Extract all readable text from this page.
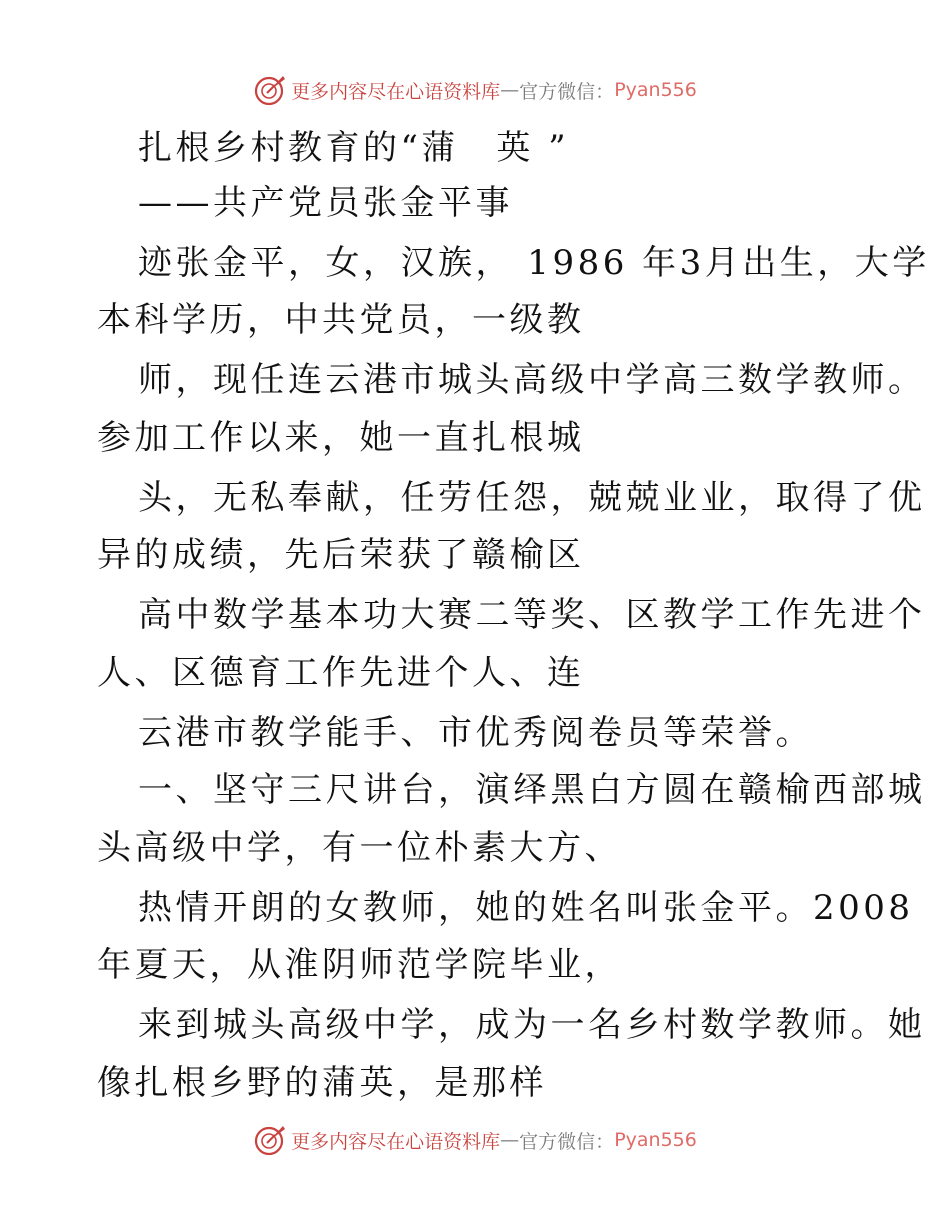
更多内容尽在心语资料库 — 官方微信： Pyan556
扎根乡村教育的“蒲　英 ”
——共产党员张金平事
迹张金平，女，汉族， 1986 年3月出生，大学
本科学历，中共党员，一级教
师，现任连云港市城头高级中学高三数学教师。
参加工作以来，她一直扎根城
头，无私奉献，任劳任怨，兢兢业业，取得了优
异的成绩，先后荣获了赣榆区
高中数学基本功大赛二等奖、区教学工作先进个
人、区德育工作先进个人、连
云港市教学能手、市优秀阅卷员等荣誉。
一、坚守三尺讲台，演绎黑白方圆在赣榆西部城
头高级中学，有一位朴素大方、
热情开朗的女教师，她的姓名叫张金平。2008
年夏天，从淮阴师范学院毕业，
来到城头高级中学，成为一名乡村数学教师。她
像扎根乡野的蒲英，是那样
更多内容尽在心语资料库 — 官方微信： Pyan556
